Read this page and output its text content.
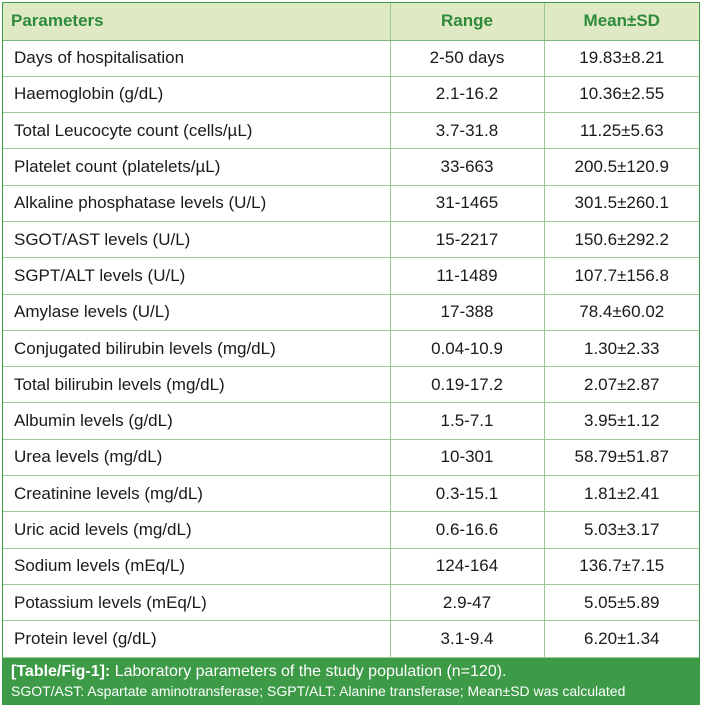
Parameters	Range	Mean±SD
Days of hospitalisation	2-50 days	19.83±8.21
Haemoglobin (g/dL)	2.1-16.2	10.36±2.55
Total Leucocyte count (cells/µL)	3.7-31.8	11.25±5.63
Platelet count (platelets/µL)	33-663	200.5±120.9
Alkaline phosphatase levels (U/L)	31-1465	301.5±260.1
SGOT/AST levels (U/L)	15-2217	150.6±292.2
SGPT/ALT levels (U/L)	11-1489	107.7±156.8
Amylase levels (U/L)	17-388	78.4±60.02
Conjugated bilirubin levels (mg/dL)	0.04-10.9	1.30±2.33
Total bilirubin levels (mg/dL)	0.19-17.2	2.07±2.87
Albumin levels (g/dL)	1.5-7.1	3.95±1.12
Urea levels (mg/dL)	10-301	58.79±51.87
Creatinine levels (mg/dL)	0.3-15.1	1.81±2.41
Uric acid levels (mg/dL)	0.6-16.6	5.03±3.17
Sodium levels (mEq/L)	124-164	136.7±7.15
Potassium levels (mEq/L)	2.9-47	5.05±5.89
Protein level (g/dL)	3.1-9.4	6.20±1.34
[Table/Fig-1]: Laboratory parameters of the study population (n=120).
SGOT/AST: Aspartate aminotransferase; SGPT/ALT: Alanine transferase; Mean±SD was calculated
